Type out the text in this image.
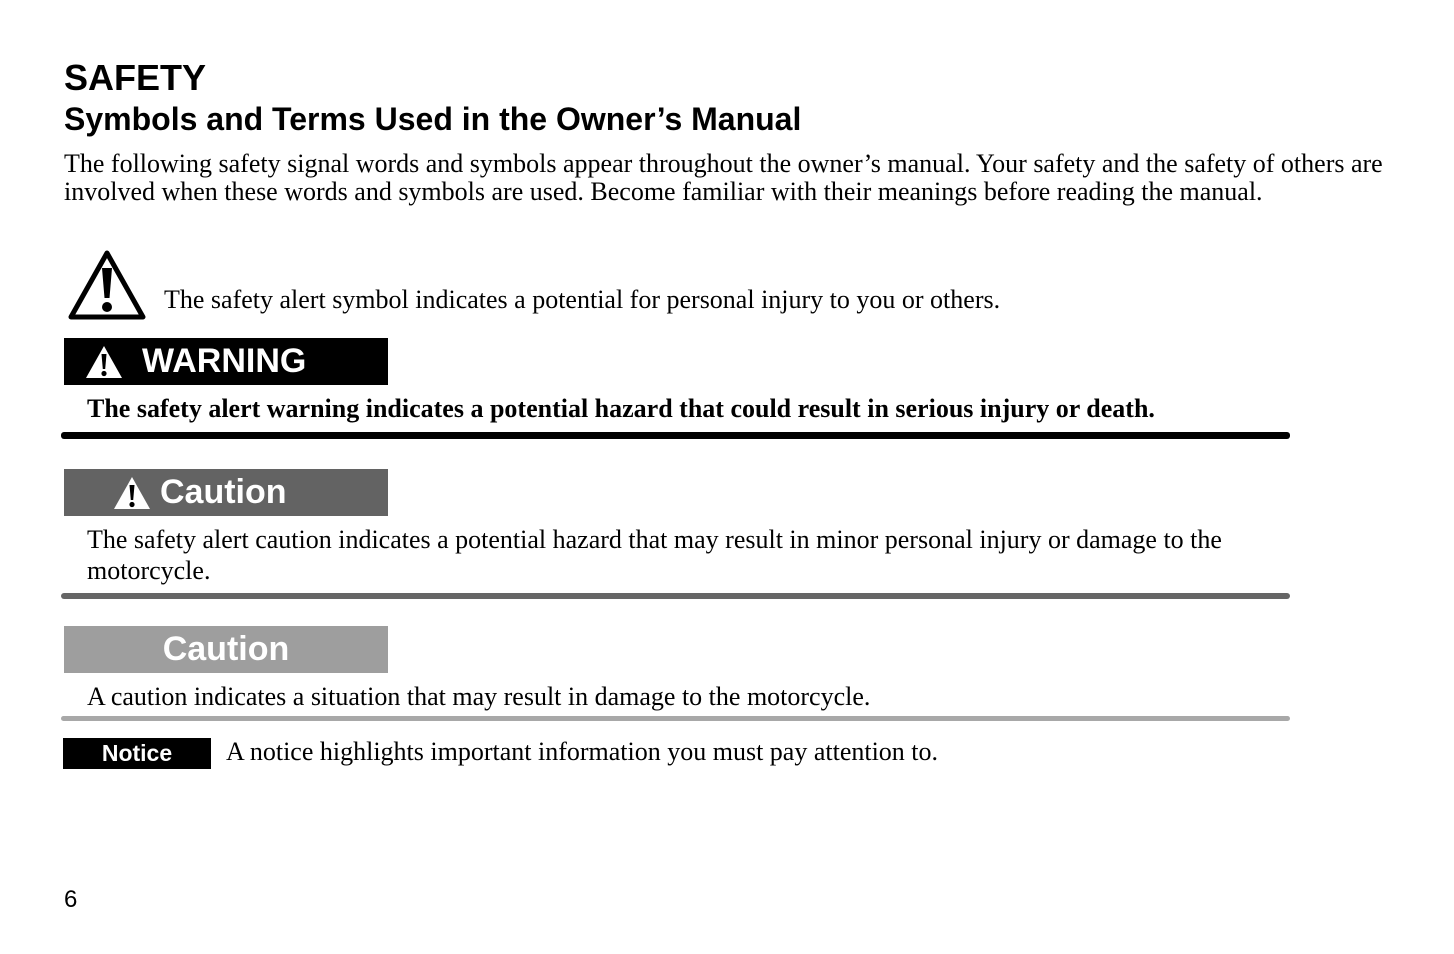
SAFETY
Symbols and Terms Used in the Owner’s Manual

The following safety signal words and symbols appear throughout the owner’s manual. Your safety and the safety of others are involved when these words and symbols are used. Become familiar with their meanings before reading the manual.

The safety alert symbol indicates a potential for personal injury to you or others.
WARNING
The safety alert warning indicates a potential hazard that could result in serious injury or death.
Caution
The safety alert caution indicates a potential hazard that may result in minor personal injury or damage to the motorcycle.
Caution
A caution indicates a situation that may result in damage to the motorcycle.
Notice	A notice highlights important information you must pay attention to.
6
